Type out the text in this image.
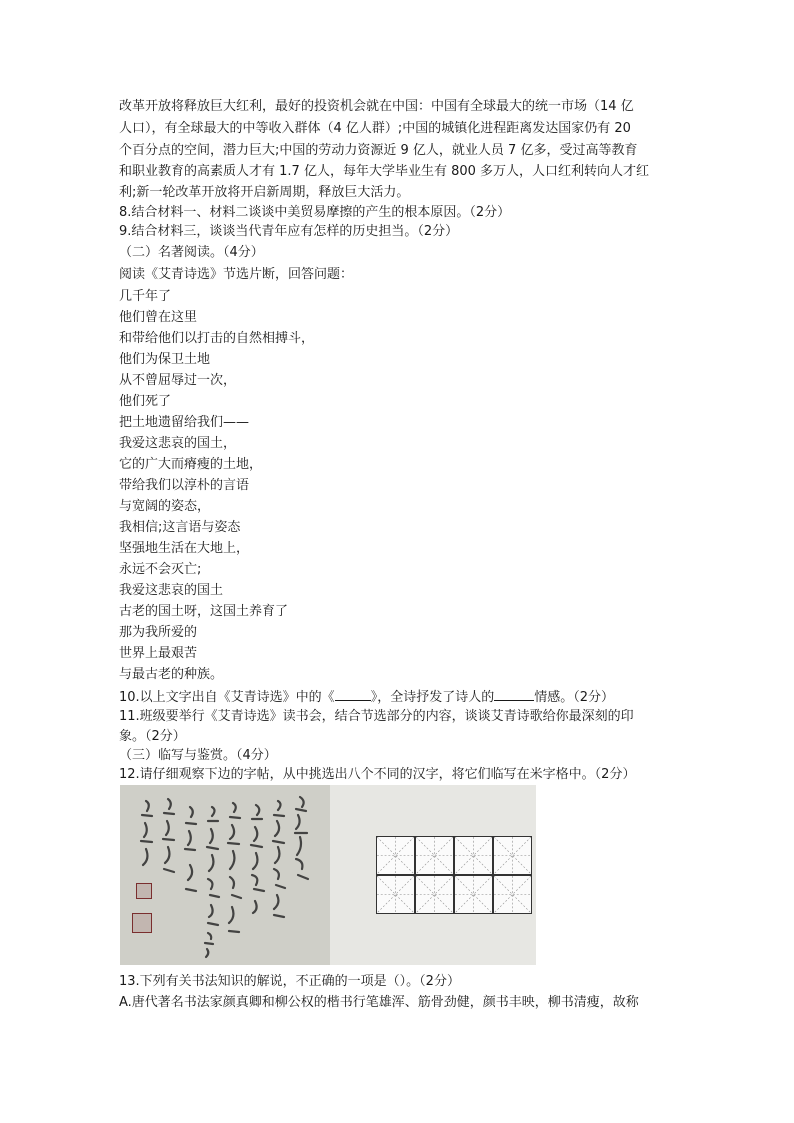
改革开放将释放巨大红利，最好的投资机会就在中国：中国有全球最大的统一市场（14 亿
人口），有全球最大的中等收入群体（4 亿人群）;中国的城镇化进程距离发达国家仍有 20
个百分点的空间，潜力巨大;中国的劳动力资源近 9 亿人，就业人员 7 亿多，受过高等教育
和职业教育的高素质人才有 1.7 亿人，每年大学毕业生有 800 多万人，人口红利转向人才红
利;新一轮改革开放将开启新周期，释放巨大活力。
8.结合材料一、材料二谈谈中美贸易摩擦的产生的根本原因。（2分）
9.结合材料三，谈谈当代青年应有怎样的历史担当。（2分）
（二）名著阅读。（4分）
阅读《艾青诗选》节选片断，回答问题：
几千年了
他们曾在这里
和带给他们以打击的自然相搏斗，
他们为保卫土地
从不曾屈辱过一次，
他们死了
把土地遗留给我们——
我爱这悲哀的国土，
它的广大而瘠瘦的土地，
带给我们以淳朴的言语
与宽阔的姿态，
我相信;这言语与姿态
坚强地生活在大地上，
永远不会灭亡;
我爱这悲哀的国土
古老的国土呀，这国土养育了
那为我所爱的
世界上最艰苦
与最古老的种族。
10.以上文字出自《艾青诗选》中的《	》，全诗抒发了诗人的	情感。（2分）
11.班级要举行《艾青诗选》读书会，结合节选部分的内容，谈谈艾青诗歌给你最深刻的印
象。（2分）
（三）临写与鉴赏。（4分）
12.请仔细观察下边的字帖，从中挑选出八个不同的汉字，将它们临写在米字格中。（2分）
13.下列有关书法知识的解说，不正确的一项是（）。（2分）
A.唐代著名书法家颜真卿和柳公权的楷书行笔雄浑、筋骨劲健，颜书丰映，柳书清瘦，故称
